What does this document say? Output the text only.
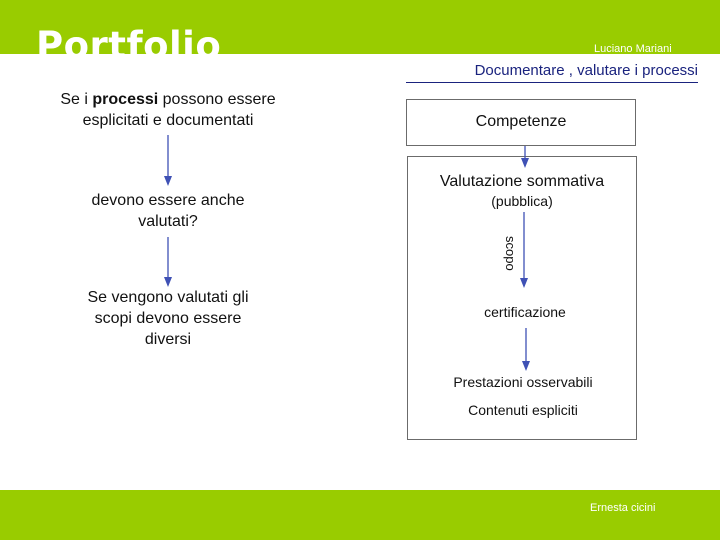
Portfolio	Luciano Mariani
Documentare , valutare i processi
Se i processi possono essere
esplicitati e documentati
devono essere anche
valutati?
Se vengono valutati gli
scopi devono essere
diversi
Competenze
Valutazione sommativa
(pubblica)
scopo
certificazione
Prestazioni osservabili
Contenuti espliciti
Ernesta cicini
